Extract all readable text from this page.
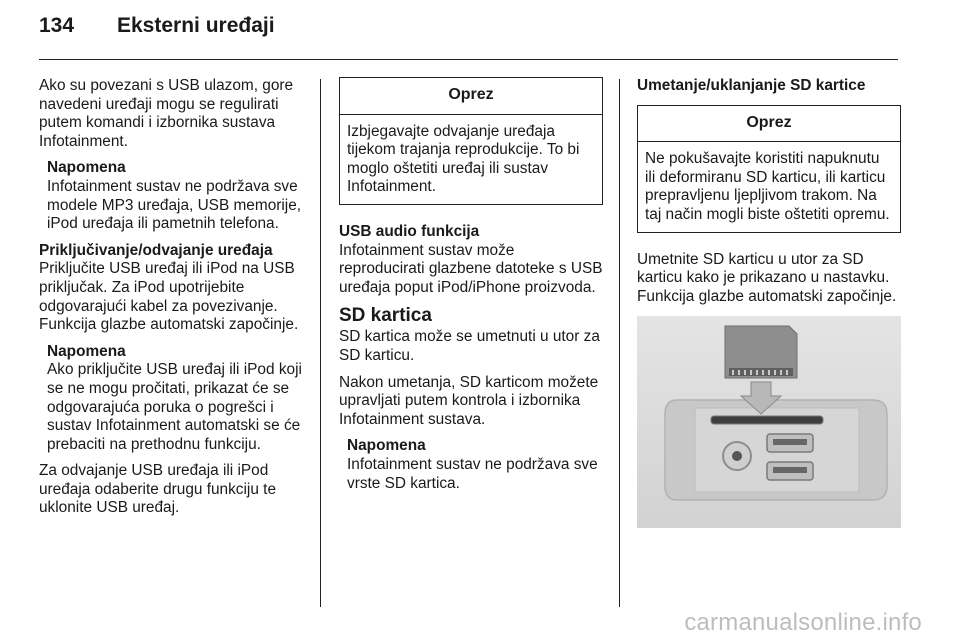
134	Eksterni uređaji

Ako su povezani s USB ulazom, gore navedeni uređaji mogu se regulirati putem komandi i izbornika sustava Infotainment.

Napomena
Infotainment sustav ne podržava sve modele MP3 uređaja, USB memorije, iPod uređaja ili pametnih telefona.
Priključivanje/odvajanje uređaja

Priključite USB uređaj ili iPod na USB priključak. Za iPod upotrijebite odgovarajući kabel za povezivanje. Funkcija glazbe automatski započinje.

Napomena
Ako priključite USB uređaj ili iPod koji se ne mogu pročitati, prikazat će se odgovarajuća poruka o pogrešci i sustav Infotainment automatski se će prebaciti na prethodnu funkciju.

Za odvajanje USB uređaja ili iPod uređaja odaberite drugu funkciju te uklonite USB uređaj.

Oprez
Izbjegavajte odvajanje uređaja tijekom trajanja reprodukcije. To bi moglo oštetiti uređaj ili sustav Infotainment.
USB audio funkcija

Infotainment sustav može reproducirati glazbene datoteke s USB uređaja poput iPod/iPhone proizvoda.

SD kartica

SD kartica može se umetnuti u utor za SD karticu.

Nakon umetanja, SD karticom možete upravljati putem kontrola i izbornika Infotainment sustava.

Napomena
Infotainment sustav ne podržava sve vrste SD kartica.
Umetanje/uklanjanje SD kartice
Oprez
Ne pokušavajte koristiti napuknutu ili deformiranu SD karticu, ili karticu prepravljenu ljepljivom trakom. Na taj način mogli biste oštetiti opremu.

Umetnite SD karticu u utor za SD karticu kako je prikazano u nastavku. Funkcija glazbe automatski započinje.

carmanualsonline.info
